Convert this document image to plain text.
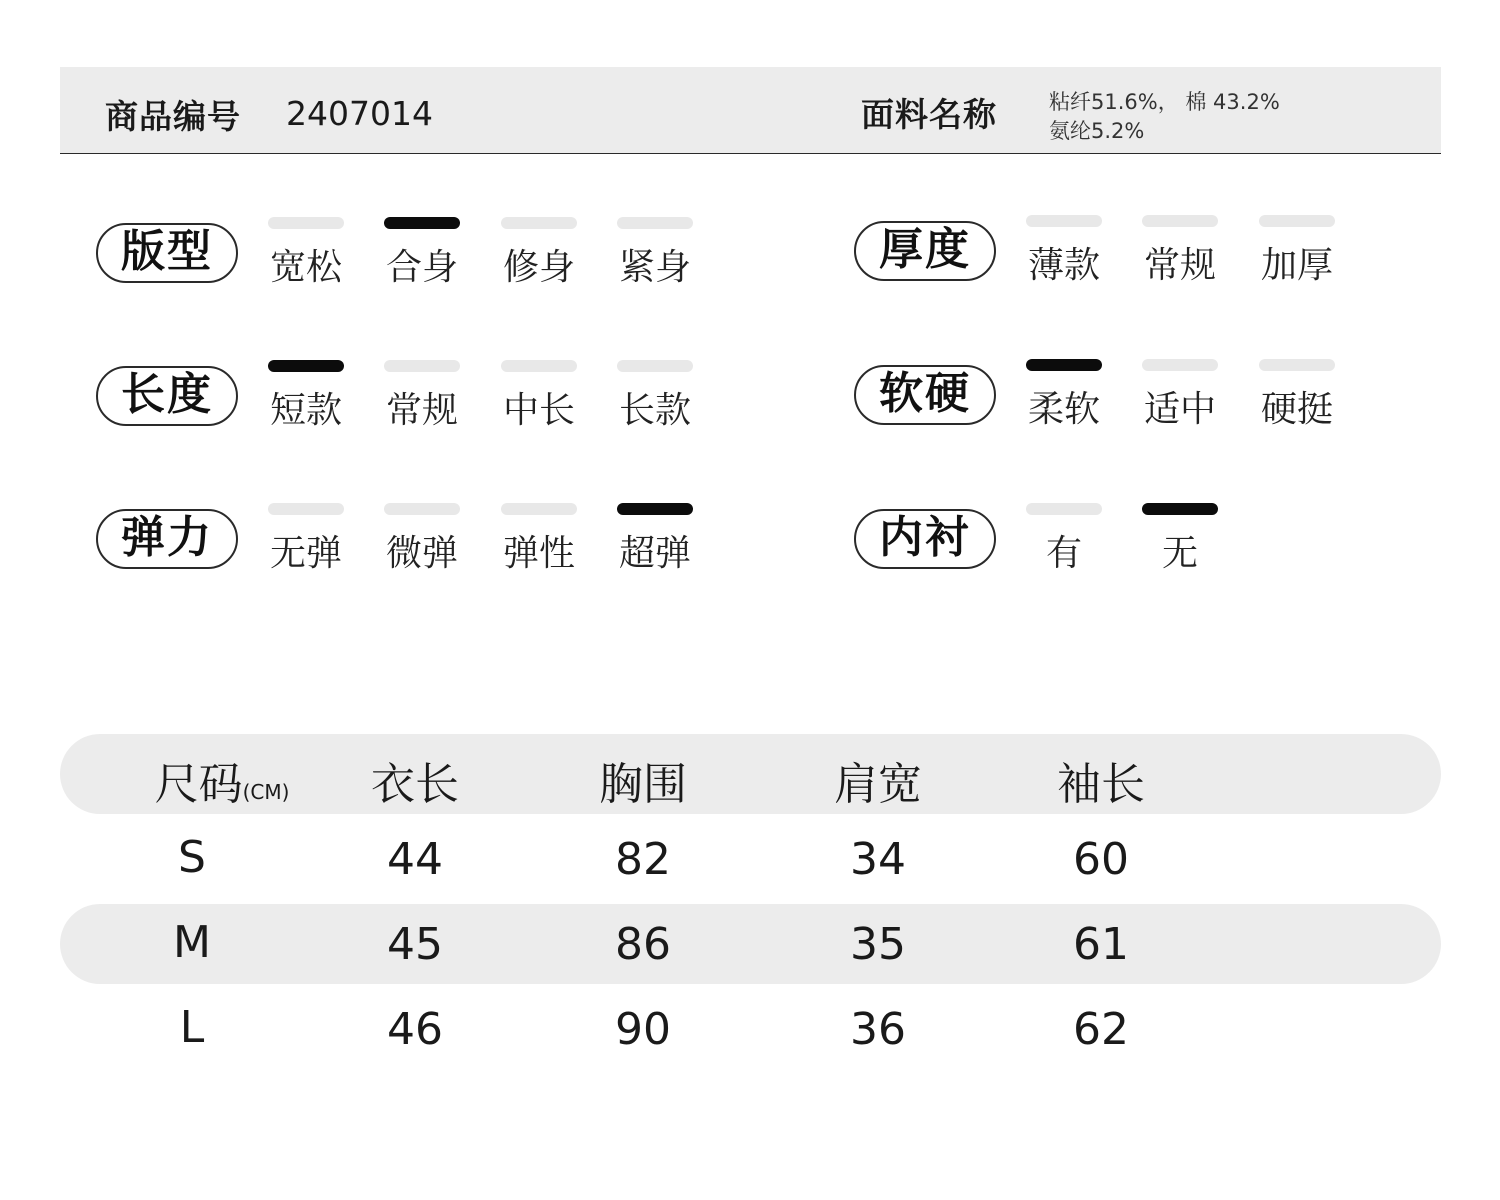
商品编号 2407014	面料名称 粘纤51.6%， 棉 43.2%
氨纶5.2%
版型	宽松 合身 修身 紧身	厚度	薄款 常规 加厚
长度	短款 常规 中长 长款	软硬	柔软 适中 硬挺
弹力	无弹 微弹 弹性 超弹	内衬	有	无
尺码(CM) 衣长	胸围	肩宽	袖长
S	44	82	34	60
M	45	86	35	61
L	46	90	36	62
